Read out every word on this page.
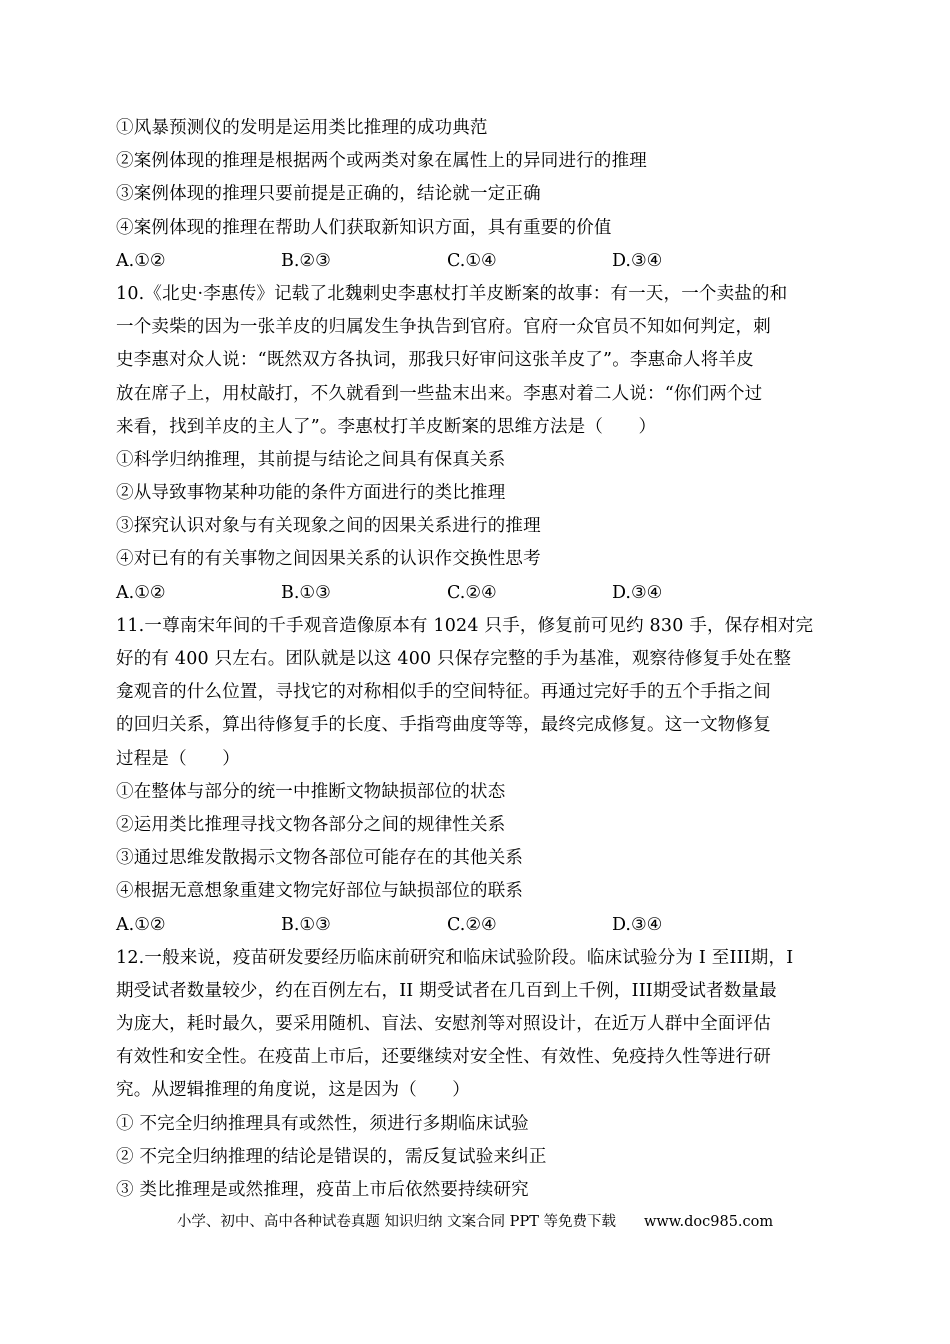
①风暴预测仪的发明是运用类比推理的成功典范
②案例体现的推理是根据两个或两类对象在属性上的异同进行的推理
③案例体现的推理只要前提是正确的，结论就一定正确
④案例体现的推理在帮助人们获取新知识方面，具有重要的价值
A.①②	B.②③	C.①④	D.③④
10.《北史·李惠传》记载了北魏刺史李惠杖打羊皮断案的故事：有一天，一个卖盐的和
一个卖柴的因为一张羊皮的归属发生争执告到官府。官府一众官员不知如何判定，刺
史李惠对众人说：“既然双方各执词，那我只好审问这张羊皮了”。李惠命人将羊皮
放在席子上，用杖敲打，不久就看到一些盐末出来。李惠对着二人说：“你们两个过
来看，找到羊皮的主人了”。李惠杖打羊皮断案的思维方法是（　　）
①科学归纳推理，其前提与结论之间具有保真关系
②从导致事物某种功能的条件方面进行的类比推理
③探究认识对象与有关现象之间的因果关系进行的推理
④对已有的有关事物之间因果关系的认识作交换性思考
A.①②	B.①③	C.②④	D.③④
11.一尊南宋年间的千手观音造像原本有 1024 只手，修复前可见约 830 手，保存相对完
好的有 400 只左右。团队就是以这 400 只保存完整的手为基准，观察待修复手处在整
龛观音的什么位置，寻找它的对称相似手的空间特征。再通过完好手的五个手指之间
的回归关系，算出待修复手的长度、手指弯曲度等等，最终完成修复。这一文物修复
过程是（　　）
①在整体与部分的统一中推断文物缺损部位的状态
②运用类比推理寻找文物各部分之间的规律性关系
③通过思维发散揭示文物各部位可能存在的其他关系
④根据无意想象重建文物完好部位与缺损部位的联系
A.①②	B.①③	C.②④	D.③④
12.一般来说，疫苗研发要经历临床前研究和临床试验阶段。临床试验分为 I 至III期，I
期受试者数量较少，约在百例左右，II 期受试者在几百到上千例，III期受试者数量最
为庞大，耗时最久，要采用随机、盲法、安慰剂等对照设计，在近万人群中全面评估
有效性和安全性。在疫苗上市后，还要继续对安全性、有效性、免疫持久性等进行研
究。从逻辑推理的角度说，这是因为（　　）
① 不完全归纳推理具有或然性，须进行多期临床试验
② 不完全归纳推理的结论是错误的，需反复试验来纠正
③ 类比推理是或然推理，疫苗上市后依然要持续研究
小学、初中、高中各种试卷真题 知识归纳 文案合同 PPT 等免费下载 www.doc985.com
